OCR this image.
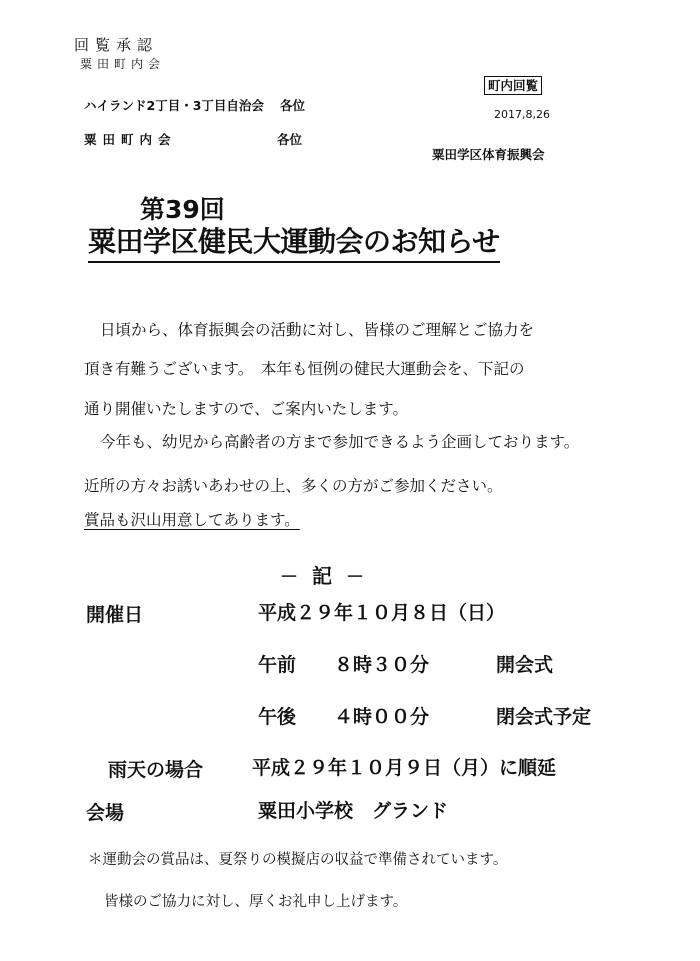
回覧承認
粟田町内会
町内回覧
2017,8,26
ハイランド2丁目・3丁目自治会 各位
粟田町内会	各位
粟田学区体育振興会
第39回
粟田学区健民大運動会のお知らせ
日頃から、体育振興会の活動に対し、皆様のご理解とご協力を
頂き有難うございます。　本年も恒例の健民大運動会を、下記の
通り開催いたしますので、ご案内いたします。
今年も、幼児から高齢者の方まで参加できるよう企画しております。
近所の方々お誘いあわせの上、多くの方がご参加ください。
賞品も沢山用意してあります。
－ 記 －
開催日	平成２９年１０月８日（日）
午前 ８時３０分	開会式
午後 ４時００分	閉会式予定
雨天の場合	平成２９年１０月９日（月）に順延
会場	粟田小学校　グランド
＊運動会の賞品は、夏祭りの模擬店の収益で準備されています。
皆様のご協力に対し、厚くお礼申し上げます。
